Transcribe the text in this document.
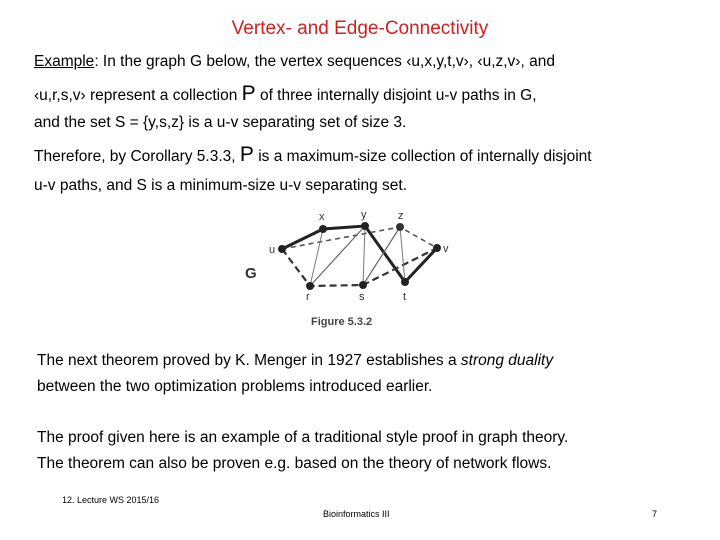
Vertex- and Edge-Connectivity
Example: In the graph G below, the vertex sequences ‹u,x,y,t,v›, ‹u,z,v›, and
‹u,r,s,v› represent a collection P of three internally disjoint u-v paths in G,
and the set S = {y,s,z} is a u-v separating set of size 3.
Therefore, by Corollary 5.3.3, P is a maximum-size collection of internally disjoint
u-v paths, and S is a minimum-size u-v separating set.
x	y	z
u	v
r	s	t
G
Figure 5.3.2
The next theorem proved by K. Menger in 1927 establishes a strong duality
between the two optimization problems introduced earlier.
The proof given here is an example of a traditional style proof in graph theory.
The theorem can also be proven e.g. based on the theory of network flows.
12. Lecture WS 2015/16
Bioinformatics III	7
